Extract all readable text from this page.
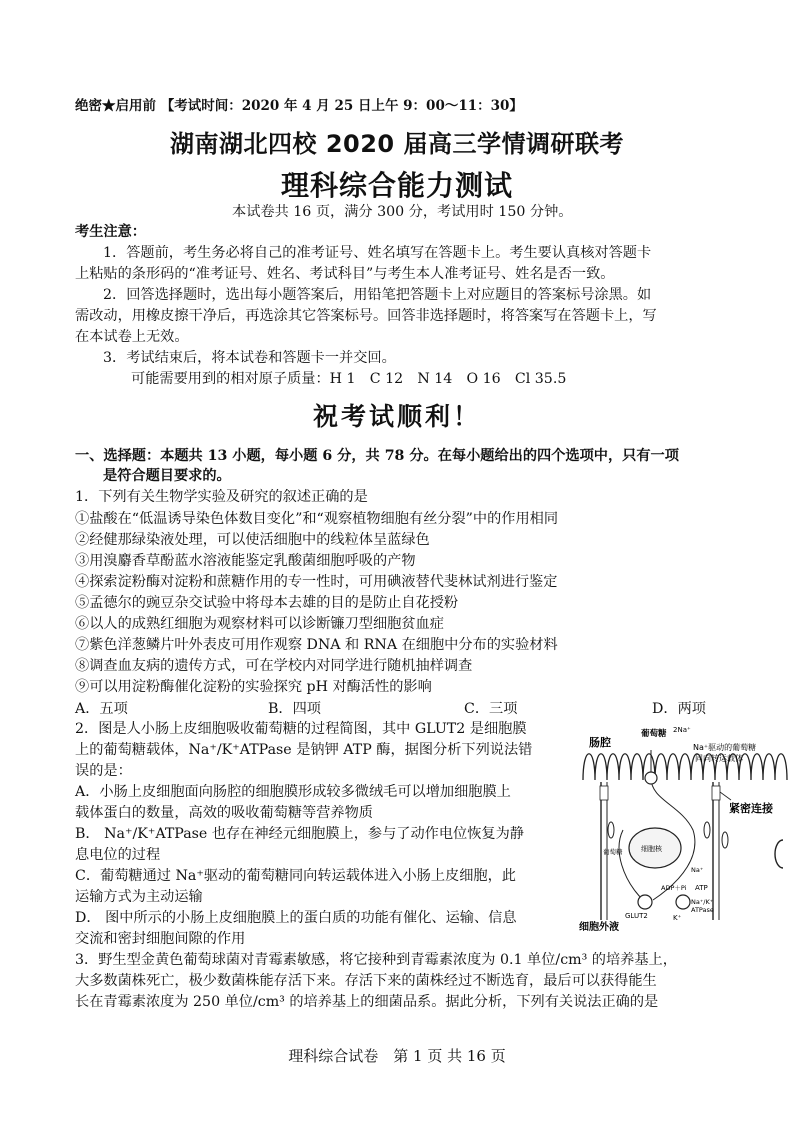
绝密★启用前 【考试时间：2020 年 4 月 25 日上午 9：00～11：30】
湖南湖北四校 2020 届高三学情调研联考
理科综合能力测试
本试卷共 16 页，满分 300 分，考试用时 150 分钟。
考生注意：
1．答题前，考生务必将自己的准考证号、姓名填写在答题卡上。考生要认真核对答题卡
上粘贴的条形码的“准考证号、姓名、考试科目”与考生本人准考证号、姓名是否一致。
2．回答选择题时，选出每小题答案后，用铅笔把答题卡上对应题目的答案标号涂黑。如
需改动，用橡皮擦干净后，再选涂其它答案标号。回答非选择题时，将答案写在答题卡上，写
在本试卷上无效。
3．考试结束后，将本试卷和答题卡一并交回。
可能需要用到的相对原子质量：H 1　C 12　N 14　O 16　Cl 35.5
祝考试顺利！
一、选择题：本题共 13 小题，每小题 6 分，共 78 分。在每小题给出的四个选项中，只有一项
是符合题目要求的。
1．下列有关生物学实验及研究的叙述正确的是
①盐酸在“低温诱导染色体数目变化”和“观察植物细胞有丝分裂”中的作用相同
②经健那绿染液处理，可以使活细胞中的线粒体呈蓝绿色
③用溴麝香草酚蓝水溶液能鉴定乳酸菌细胞呼吸的产物
④探索淀粉酶对淀粉和蔗糖作用的专一性时，可用碘液替代斐林试剂进行鉴定
⑤孟德尔的豌豆杂交试验中将母本去雄的目的是防止自花授粉
⑥以人的成熟红细胞为观察材料可以诊断镰刀型细胞贫血症
⑦紫色洋葱鳞片叶外表皮可用作观察 DNA 和 RNA 在细胞中分布的实验材料
⑧调查血友病的遗传方式，可在学校内对同学进行随机抽样调查
⑨可以用淀粉酶催化淀粉的实验探究 pH 对酶活性的影响
A．五项	B．四项	C．三项	D．两项
2．图是人小肠上皮细胞吸收葡萄糖的过程简图，其中 GLUT2 是细胞膜
上的葡萄糖载体，Na⁺/K⁺ATPase 是钠钾 ATP 酶，据图分析下列说法错
误的是：
A．小肠上皮细胞面向肠腔的细胞膜形成较多微绒毛可以增加细胞膜上
载体蛋白的数量，高效的吸收葡萄糖等营养物质
B． Na⁺/K⁺ATPase 也存在神经元细胞膜上，参与了动作电位恢复为静
息电位的过程
C．葡萄糖通过 Na⁺驱动的葡萄糖同向转运载体进入小肠上皮细胞，此
运输方式为主动运输
D． 图中所示的小肠上皮细胞膜上的蛋白质的功能有催化、运输、信息
交流和密封细胞间隙的作用
肠腔
葡萄糖 2Na⁺
Na⁺驱动的葡萄糖
同向转运载体
紧密连接
细胞核
葡萄糖
Na⁺
ATP
ADP＋Pi
Na⁺/K⁺
ATPase
GLUT2	K⁺
细胞外液
3．野生型金黄色葡萄球菌对青霉素敏感，将它接种到青霉素浓度为 0.1 单位/cm³ 的培养基上，
大多数菌株死亡，极少数菌株能存活下来。存活下来的菌株经过不断选育，最后可以获得能生
长在青霉素浓度为 250 单位/cm³ 的培养基上的细菌品系。据此分析，下列有关说法正确的是
理科综合试卷　第 1 页 共 16 页
